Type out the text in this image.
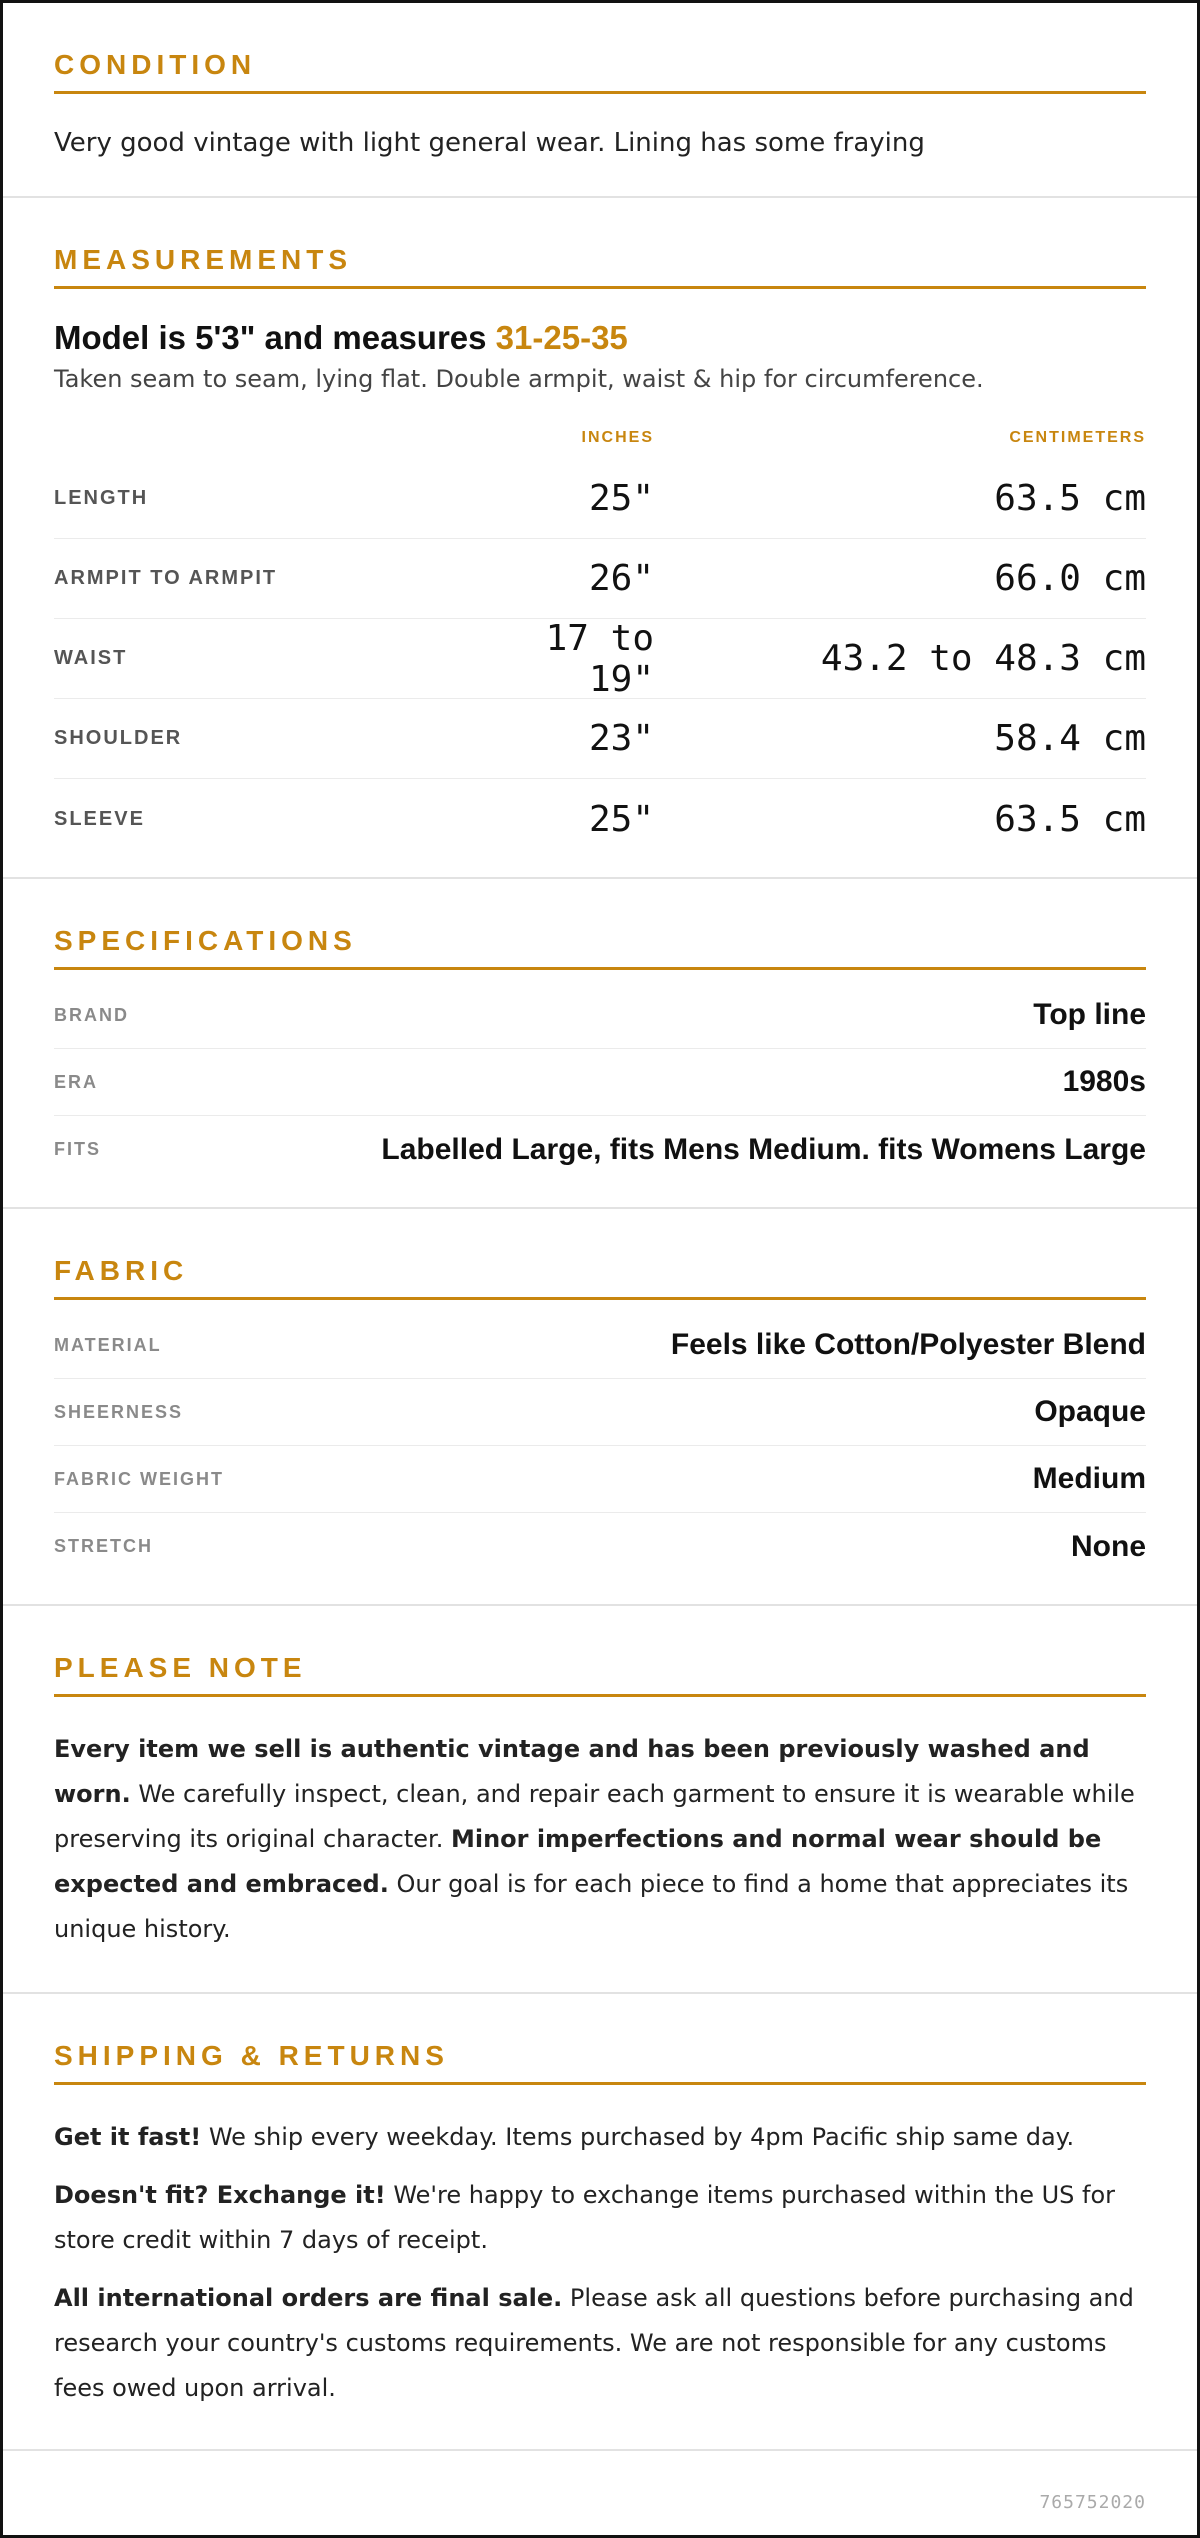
CONDITION

Very good vintage with light general wear. Lining has some fraying

MEASUREMENTS
Model is 5'3" and measures 31-25-35

Taken seam to seam, lying flat. Double armpit, waist & hip for circumference.

INCHES	CENTIMETERS
LENGTH	25"	63.5 cm
ARMPIT TO ARMPIT	26"	66.0 cm
WAIST	17 to 19"	43.2 to 48.3 cm
SHOULDER	23"	58.4 cm
SLEEVE	25"	63.5 cm
SPECIFICATIONS
BRAND	Top line
ERA	1980s
FITS	Labelled Large, fits Mens Medium. fits Womens Large
FABRIC
MATERIAL	Feels like Cotton/Polyester Blend
SHEERNESS	Opaque
FABRIC WEIGHT	Medium
STRETCH	None
PLEASE NOTE

Every item we sell is authentic vintage and has been previously washed and worn. We carefully inspect, clean, and repair each garment to ensure it is wearable while preserving its original character. Minor imperfections and normal wear should be expected and embraced. Our goal is for each piece to find a home that appreciates its unique history.

SHIPPING & RETURNS

Get it fast! We ship every weekday. Items purchased by 4pm Pacific ship same day.

Doesn't fit? Exchange it! We're happy to exchange items purchased within the US for store credit within 7 days of receipt.

All international orders are final sale. Please ask all questions before purchasing and research your country's customs requirements. We are not responsible for any customs fees owed upon arrival.

765752020
